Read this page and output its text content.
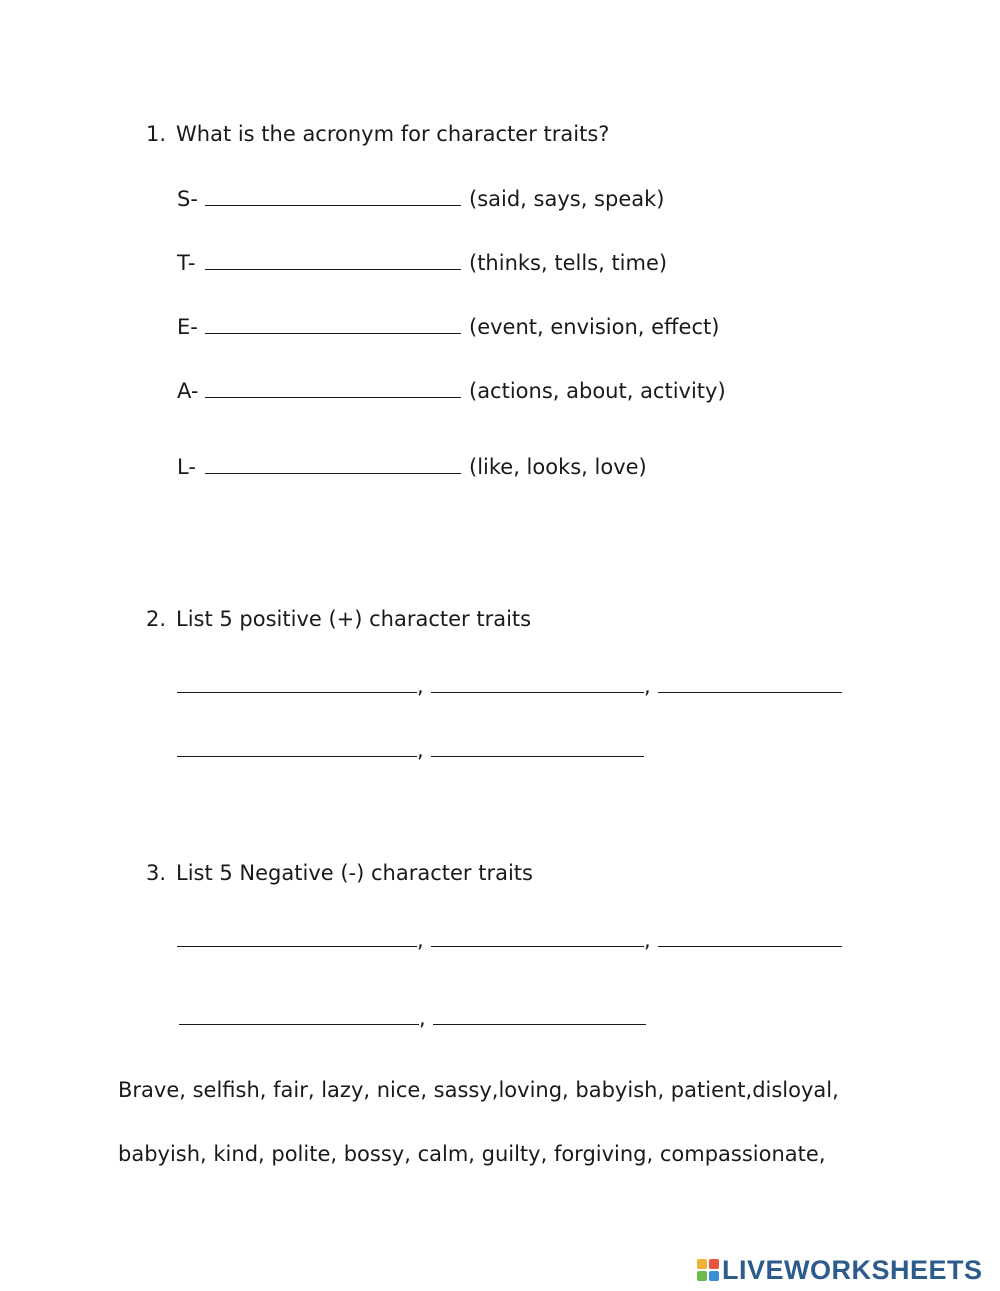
1. What is the acronym for character traits?
S-	(said, says, speak)
T-	(thinks, tells, time)
E-	(event, envision, effect)
A-	(actions, about, activity)
L-	(like, looks, love)
2. List 5 positive (+) character traits
,	,
,
3. List 5 Negative (-) character traits
,	,
,
Brave, selfish, fair, lazy, nice, sassy,loving, babyish, patient,disloyal,
babyish, kind, polite, bossy, calm, guilty, forgiving, compassionate,
LIVEWORKSHEETS
